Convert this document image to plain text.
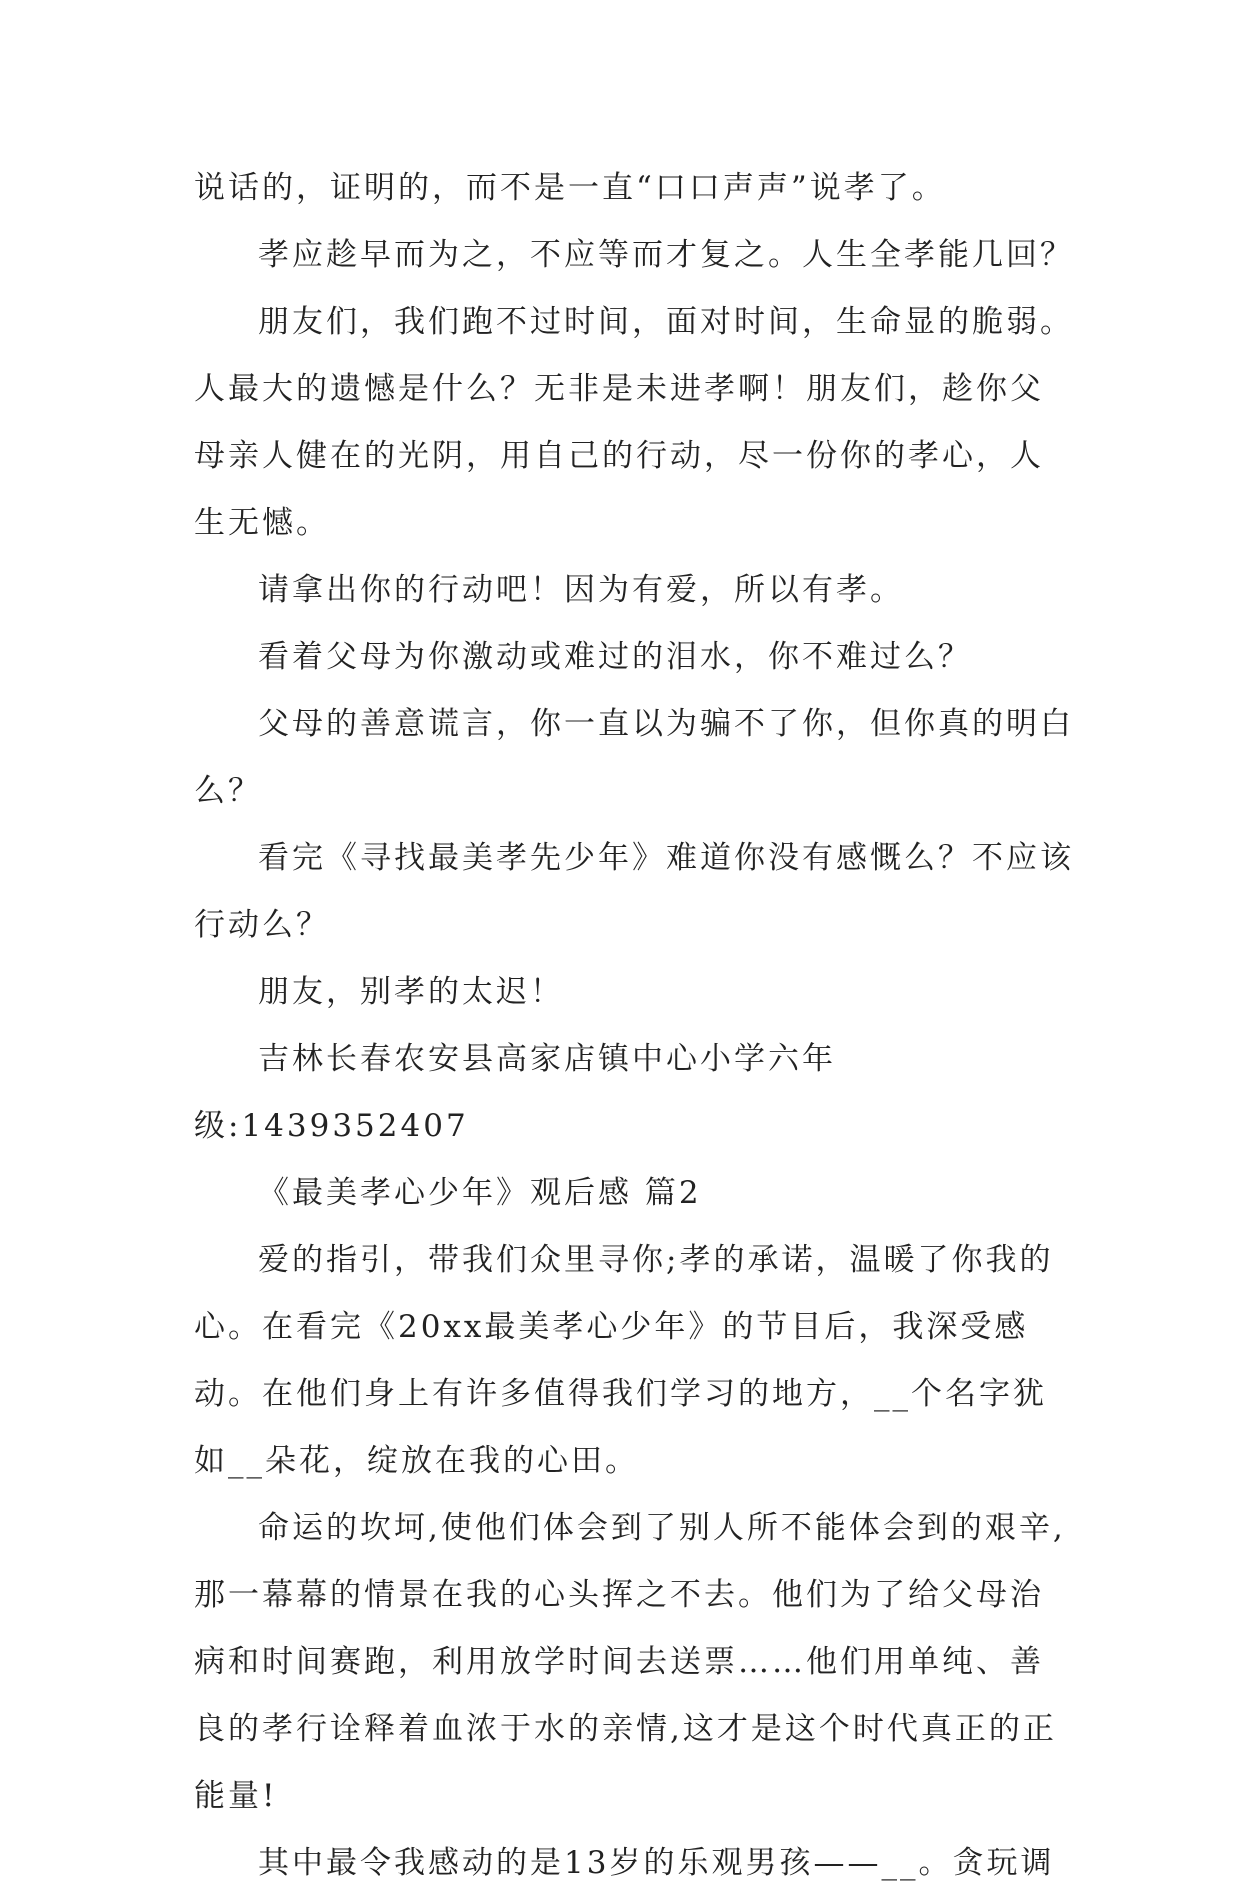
说话的，证明的，而不是一直“口口声声”说孝了。

孝应趁早而为之，不应等而才复之。人生全孝能几回？

朋友们，我们跑不过时间，面对时间，生命显的脆弱。人最大的遗憾是什么？无非是未进孝啊！朋友们，趁你父母亲人健在的光阴，用自己的行动，尽一份你的孝心，人生无憾。

请拿出你的行动吧！因为有爱，所以有孝。

看着父母为你激动或难过的泪水，你不难过么？

父母的善意谎言，你一直以为骗不了你，但你真的明白么？

看完《寻找最美孝先少年》难道你没有感慨么？不应该行动么？

朋友，别孝的太迟！

吉林长春农安县高家店镇中心小学六年级:1439352407

《最美孝心少年》观后感 篇2

爱的指引，带我们众里寻你;孝的承诺，温暖了你我的心。在看完《20xx最美孝心少年》的节目后，我深受感动。在他们身上有许多值得我们学习的地方，__个名字犹如__朵花，绽放在我的心田。

命运的坎坷,使他们体会到了别人所不能体会到的艰辛,那一幕幕的情景在我的心头挥之不去。他们为了给父母治病和时间赛跑，利用放学时间去送票……他们用单纯、善良的孝行诠释着血浓于水的亲情,这才是这个时代真正的正能量!

其中最令我感动的是13岁的乐观男孩——__。贪玩调
